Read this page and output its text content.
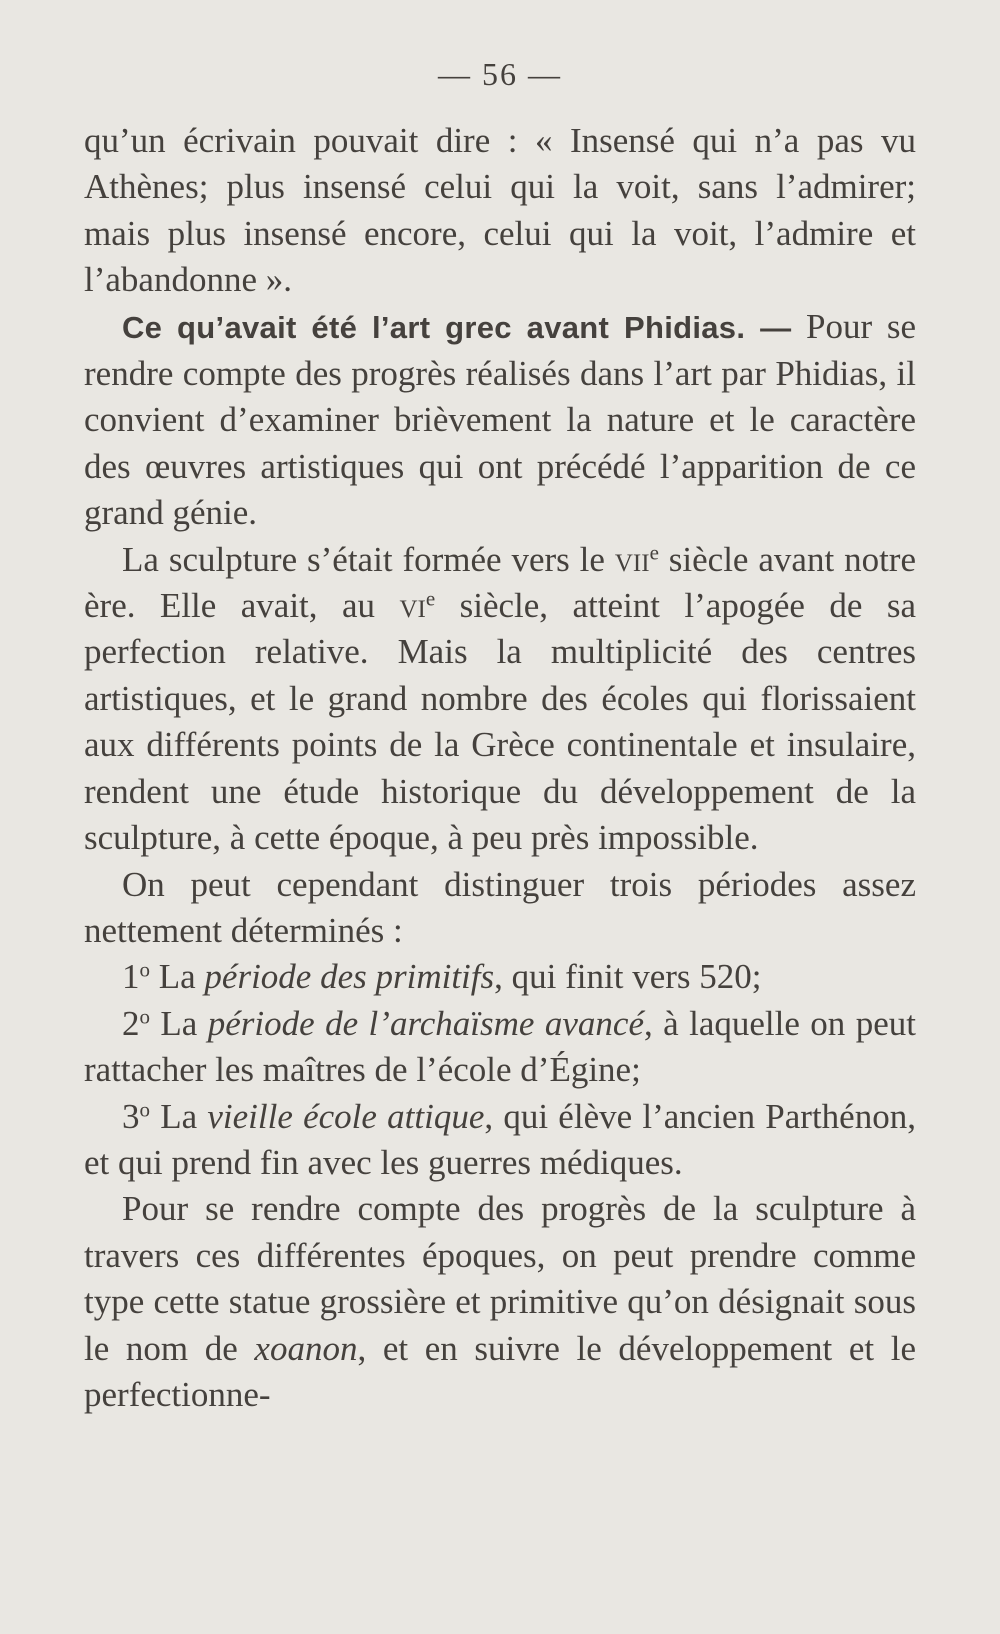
— 56 —

qu’un écrivain pouvait dire : « Insensé qui n’a pas vu Athènes; plus insensé celui qui la voit, sans l’admirer; mais plus insensé encore, celui qui la voit, l’admire et l’abandonne ».

Ce qu’avait été l’art grec avant Phidias. — Pour se rendre compte des progrès réalisés dans l’art par Phidias, il convient d’examiner brièvement la nature et le caractère des œuvres artistiques qui ont précédé l’apparition de ce grand génie.

La sculpture s’était formée vers le vii$^e$ siècle avant notre ère. Elle avait, au $vi^e$ siècle, atteint l’apogée de sa perfection relative. Mais la multiplicité des centres artistiques, et le grand nombre des écoles qui florissaient aux différents points de la Grèce continentale et insulaire, rendent une étude historique du développement de la sculpture, à cette époque, à peu près impossible.

On peut cependant distinguer trois périodes assez nettement déterminés :

1$^o$ La période des primitifs, qui finit vers 520;

2$^o$ La période de l’archaïsme avancé, à laquelle on peut rattacher les maîtres de l’école d’Égine;

3$^o$ La vieille école attique, qui élève l’ancien Parthénon, et qui prend fin avec les guerres médiques.

Pour se rendre compte des progrès de la sculpture à travers ces différentes époques, on peut prendre comme type cette statue grossière et primitive qu’on désignait sous le nom de xoanon, et en suivre le développement et le perfectionne-
